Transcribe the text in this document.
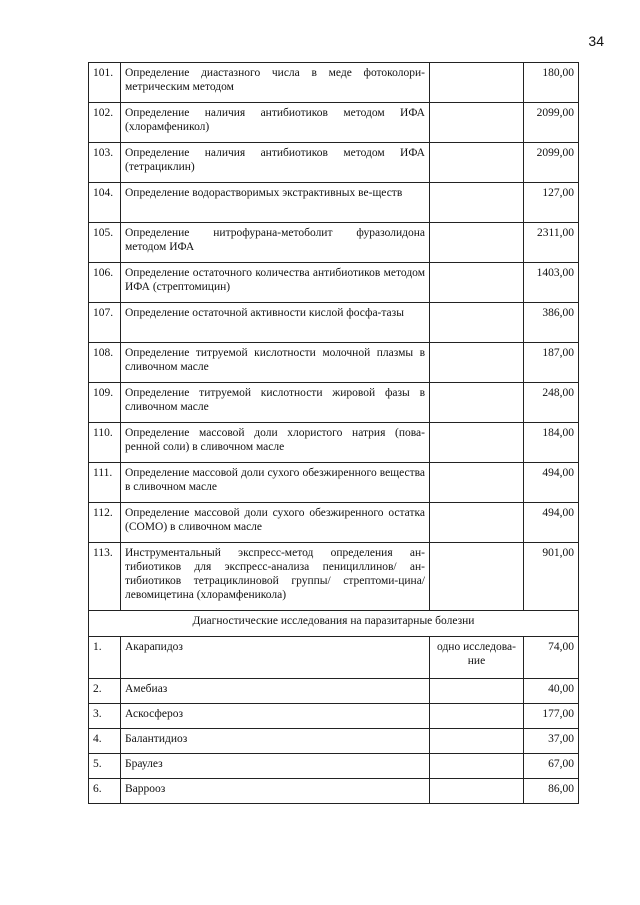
34
101.	Определение диастазного числа в меде фотоколори-метрическим методом		180,00
102.	Определение наличия антибиотиков методом ИФА (хлорамфеникол)		2099,00
103.	Определение наличия антибиотиков методом ИФА (тетрациклин)		2099,00
104.	Определение водорастворимых экстрактивных ве-ществ		127,00
105.	Определение нитрофурана-метоболит фуразолидона методом ИФА		2311,00
106.	Определение остаточного количества антибиотиков методом ИФА (стрептомицин)		1403,00
107.	Определение остаточной активности кислой фосфа-тазы		386,00
108.	Определение титруемой кислотности молочной плазмы в сливочном масле		187,00
109.	Определение титруемой кислотности жировой фазы в сливочном масле		248,00
110.	Определение массовой доли хлористого натрия (пова-ренной соли) в сливочном масле		184,00
111.	Определение массовой доли сухого обезжиренного вещества в сливочном масле		494,00
112.	Определение массовой доли сухого обезжиренного остатка (СОМО) в сливочном масле		494,00
113.	Инструментальный экспресс-метод определения ан-тибиотиков для экспресс-анализа пенициллинов/ ан-тибиотиков тетрациклиновой группы/ стрептоми-цина/ левомицетина (хлорамфеникола)		901,00
Диагностические исследования на паразитарные болезни			
1.	Акарапидоз	одно исследова-ние	74,00
2.	Амебиаз		40,00
3.	Аскосфероз		177,00
4.	Балантидиоз		37,00
5.	Браулез		67,00
6.	Варрооз		86,00
